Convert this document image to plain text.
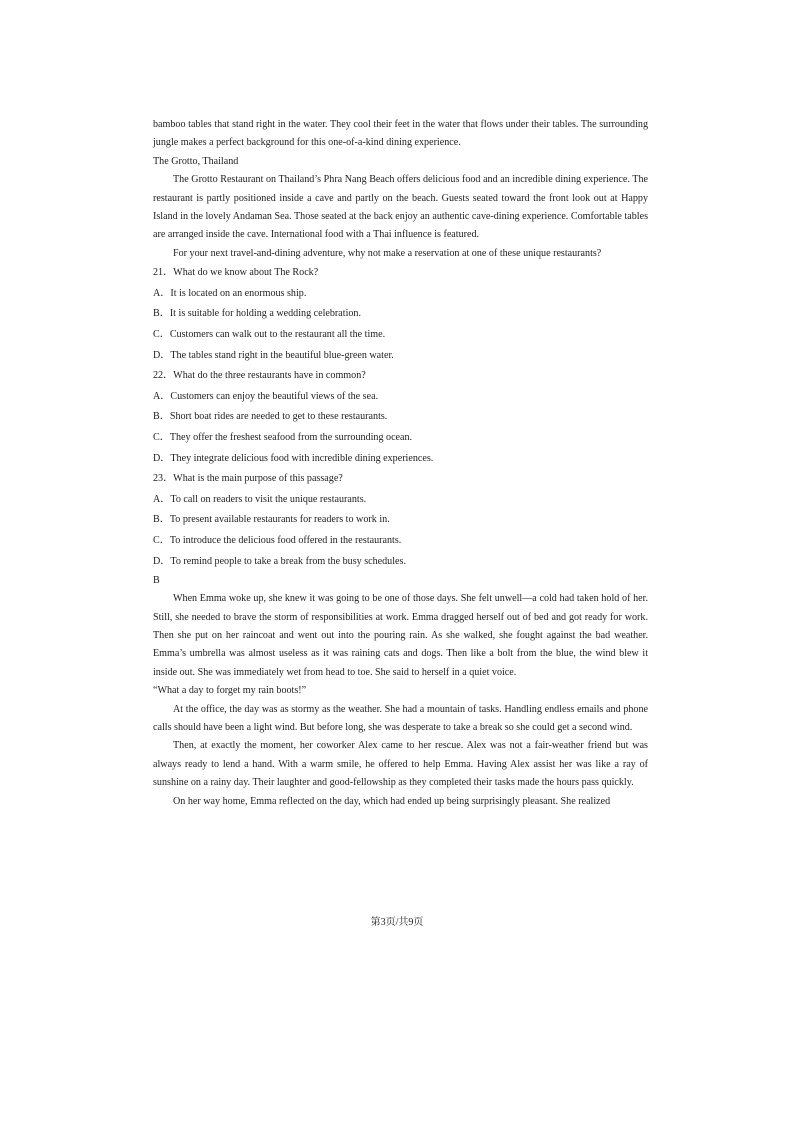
bamboo tables that stand right in the water. They cool their feet in the water that flows under their tables. The surrounding jungle makes a perfect background for this one-of-a-kind dining experience.

The Grotto, Thailand

The Grotto Restaurant on Thailand’s Phra Nang Beach offers delicious food and an incredible dining experience. The restaurant is partly positioned inside a cave and partly on the beach. Guests seated toward the front look out at Happy Island in the lovely Andaman Sea. Those seated at the back enjoy an authentic cave-dining experience. Comfortable tables are arranged inside the cave. International food with a Thai influence is featured.

For your next travel-and-dining adventure, why not make a reservation at one of these unique restaurants?

21．What do we know about The Rock?

A．It is located on an enormous ship.

B．It is suitable for holding a wedding celebration.

C．Customers can walk out to the restaurant all the time.

D．The tables stand right in the beautiful blue-green water.

22．What do the three restaurants have in common?

A．Customers can enjoy the beautiful views of the sea.

B．Short boat rides are needed to get to these restaurants.

C．They offer the freshest seafood from the surrounding ocean.

D．They integrate delicious food with incredible dining experiences.

23．What is the main purpose of this passage?

A．To call on readers to visit the unique restaurants.

B．To present available restaurants for readers to work in.

C．To introduce the delicious food offered in the restaurants.

D．To remind people to take a break from the busy schedules.

B

When Emma woke up, she knew it was going to be one of those days. She felt unwell—a cold had taken hold of her. Still, she needed to brave the storm of responsibilities at work. Emma dragged herself out of bed and got ready for work. Then she put on her raincoat and went out into the pouring rain. As she walked, she fought against the bad weather. Emma’s umbrella was almost useless as it was raining cats and dogs. Then like a bolt from the blue, the wind blew it inside out. She was immediately wet from head to toe. She said to herself in a quiet voice.
“What a day to forget my rain boots!”

At the office, the day was as stormy as the weather. She had a mountain of tasks. Handling endless emails and phone calls should have been a light wind. But before long, she was desperate to take a break so she could get a second wind.

Then, at exactly the moment, her coworker Alex came to her rescue. Alex was not a fair-weather friend but was always ready to lend a hand. With a warm smile, he offered to help Emma. Having Alex assist her was like a ray of sunshine on a rainy day. Their laughter and good-fellowship as they completed their tasks made the hours pass quickly.

On her way home, Emma reflected on the day, which had ended up being surprisingly pleasant. She realized

第3页/共9页
